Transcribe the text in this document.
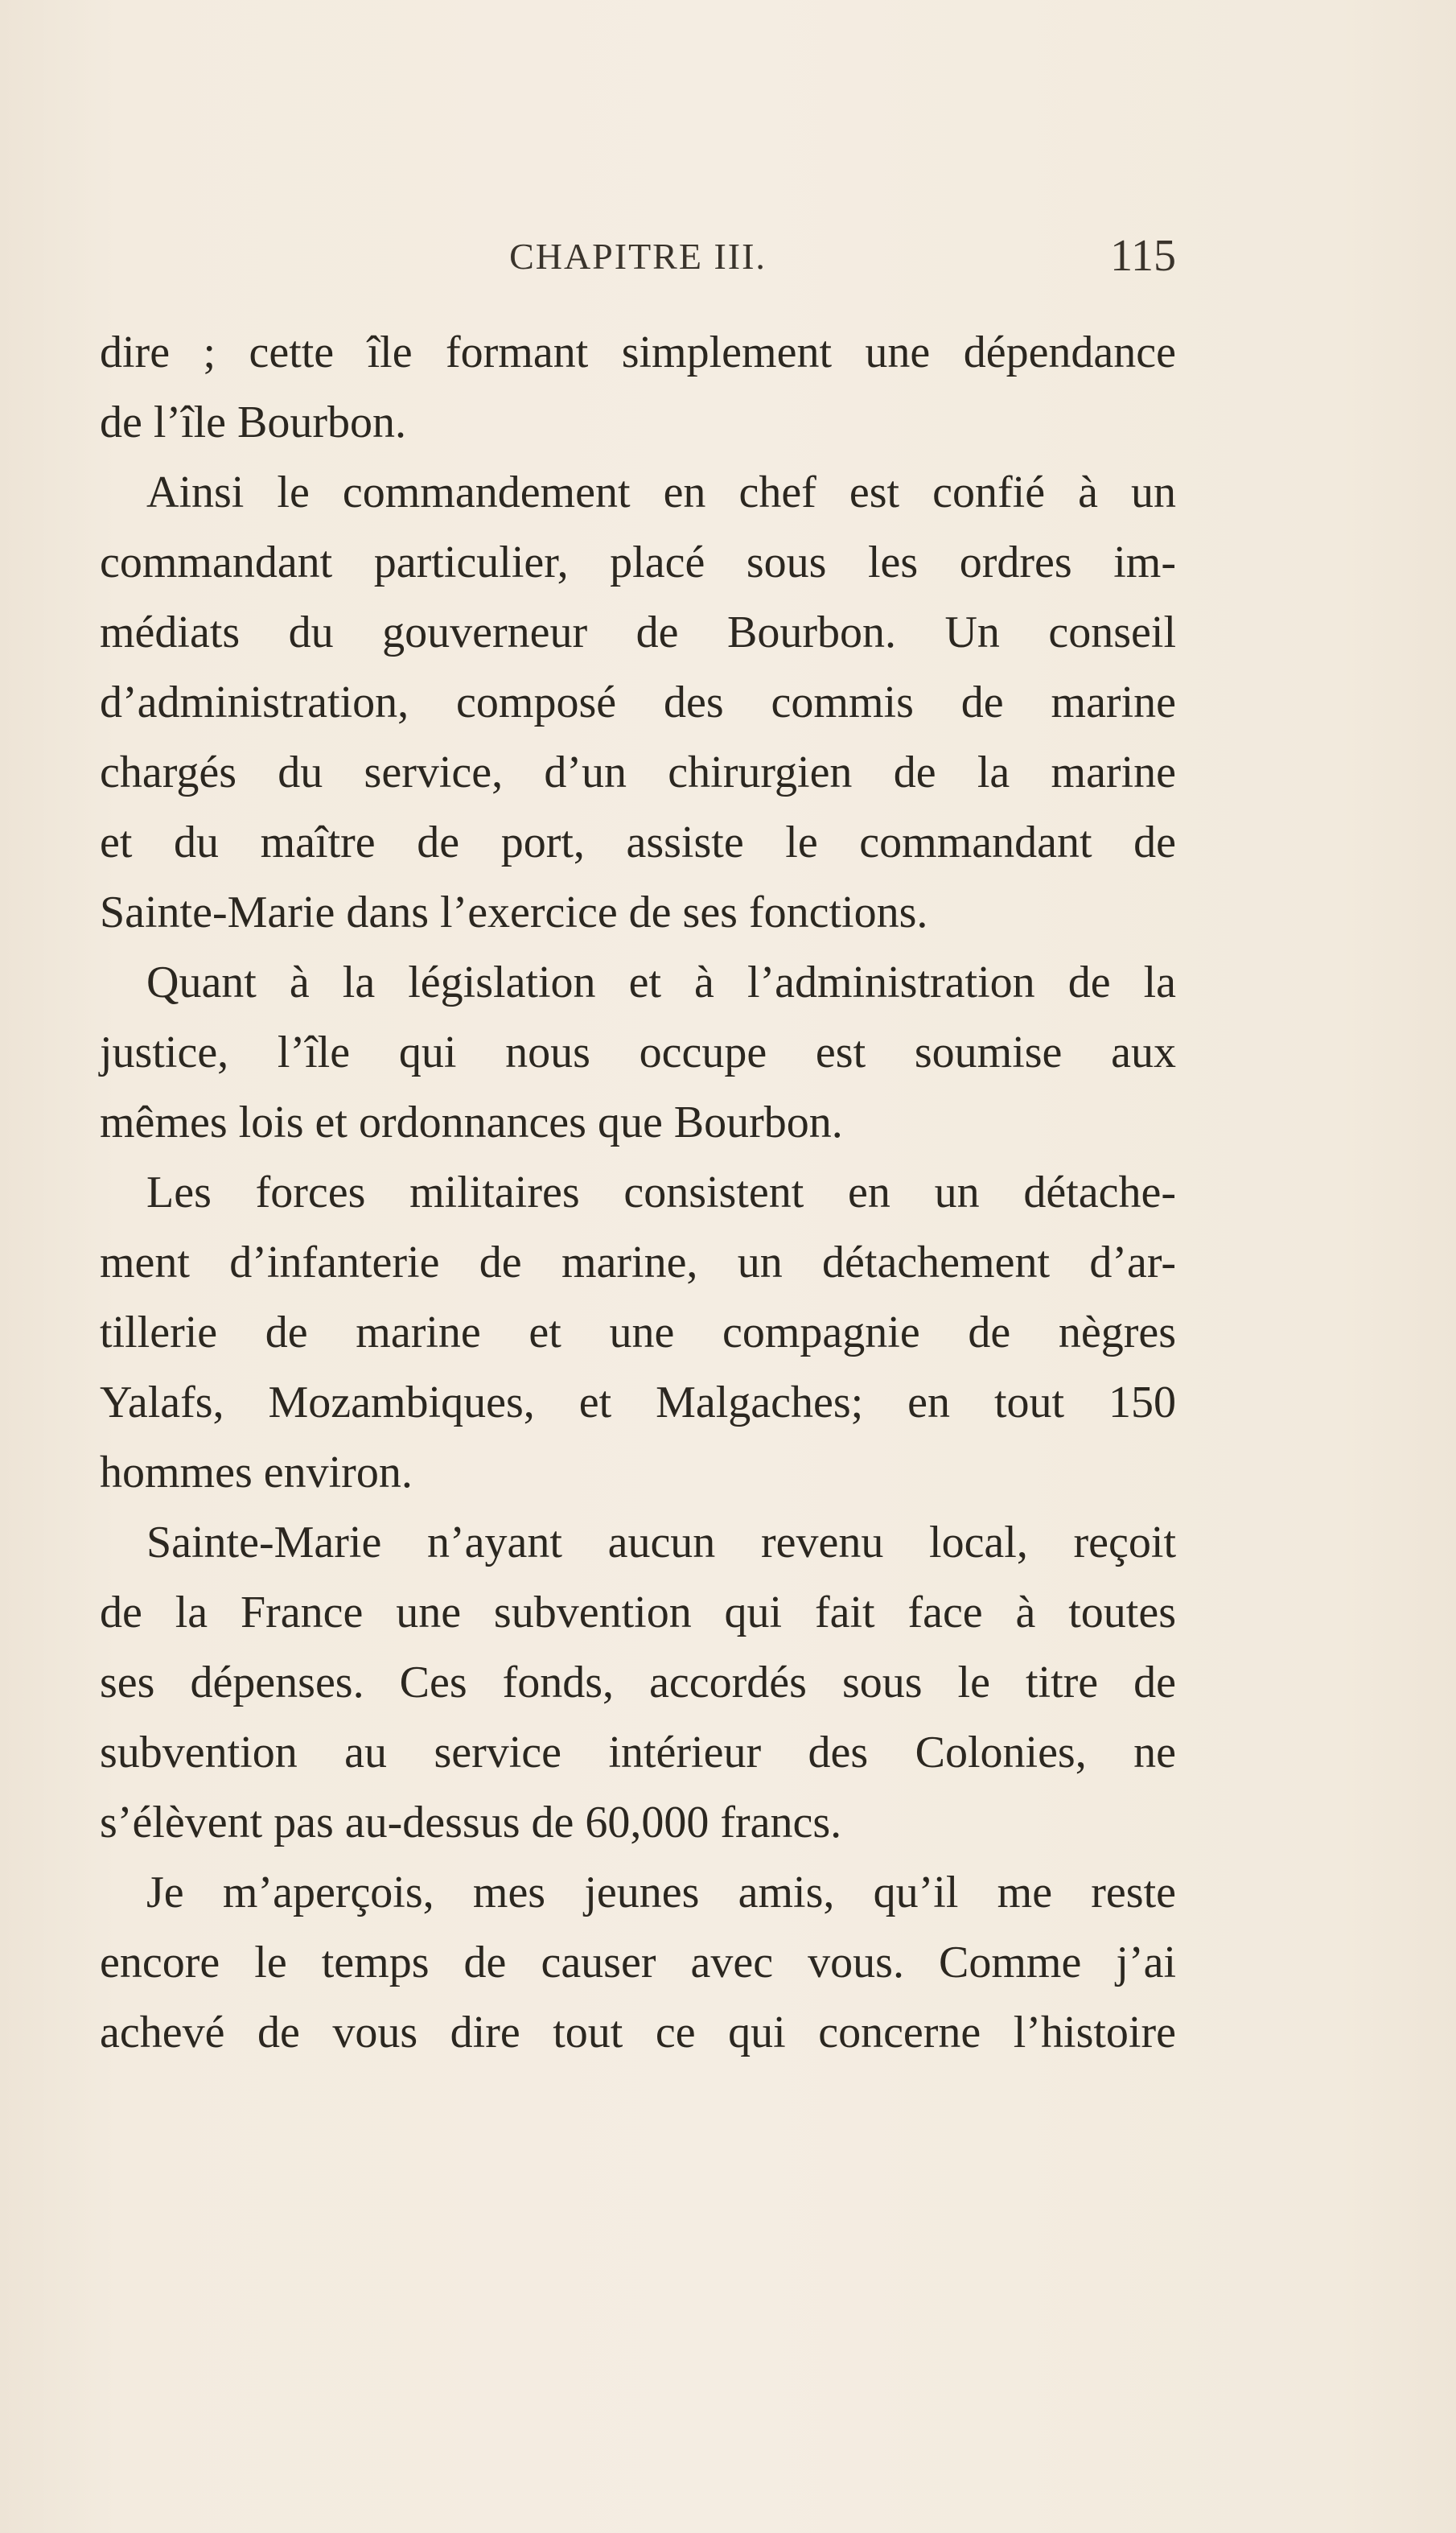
CHAPITRE III.	115
dire ; cette île formant simplement une dépendance
de l’île Bourbon.
Ainsi le commandement en chef est confié à un
commandant particulier, placé sous les ordres im-
médiats du gouverneur de Bourbon. Un conseil
d’administration, composé des commis de marine
chargés du service, d’un chirurgien de la marine
et du maître de port, assiste le commandant de
Sainte-Marie dans l’exercice de ses fonctions.
Quant à la législation et à l’administration de la
justice, l’île qui nous occupe est soumise aux
mêmes lois et ordonnances que Bourbon.
Les forces militaires consistent en un détache-
ment d’infanterie de marine, un détachement d’ar-
tillerie de marine et une compagnie de nègres
Yalafs, Mozambiques, et Malgaches; en tout 150
hommes environ.
Sainte-Marie n’ayant aucun revenu local, reçoit
de la France une subvention qui fait face à toutes
ses dépenses. Ces fonds, accordés sous le titre de
subvention au service intérieur des Colonies, ne
s’élèvent pas au-dessus de 60,000 francs.
Je m’aperçois, mes jeunes amis, qu’il me reste
encore le temps de causer avec vous. Comme j’ai
achevé de vous dire tout ce qui concerne l’histoire
